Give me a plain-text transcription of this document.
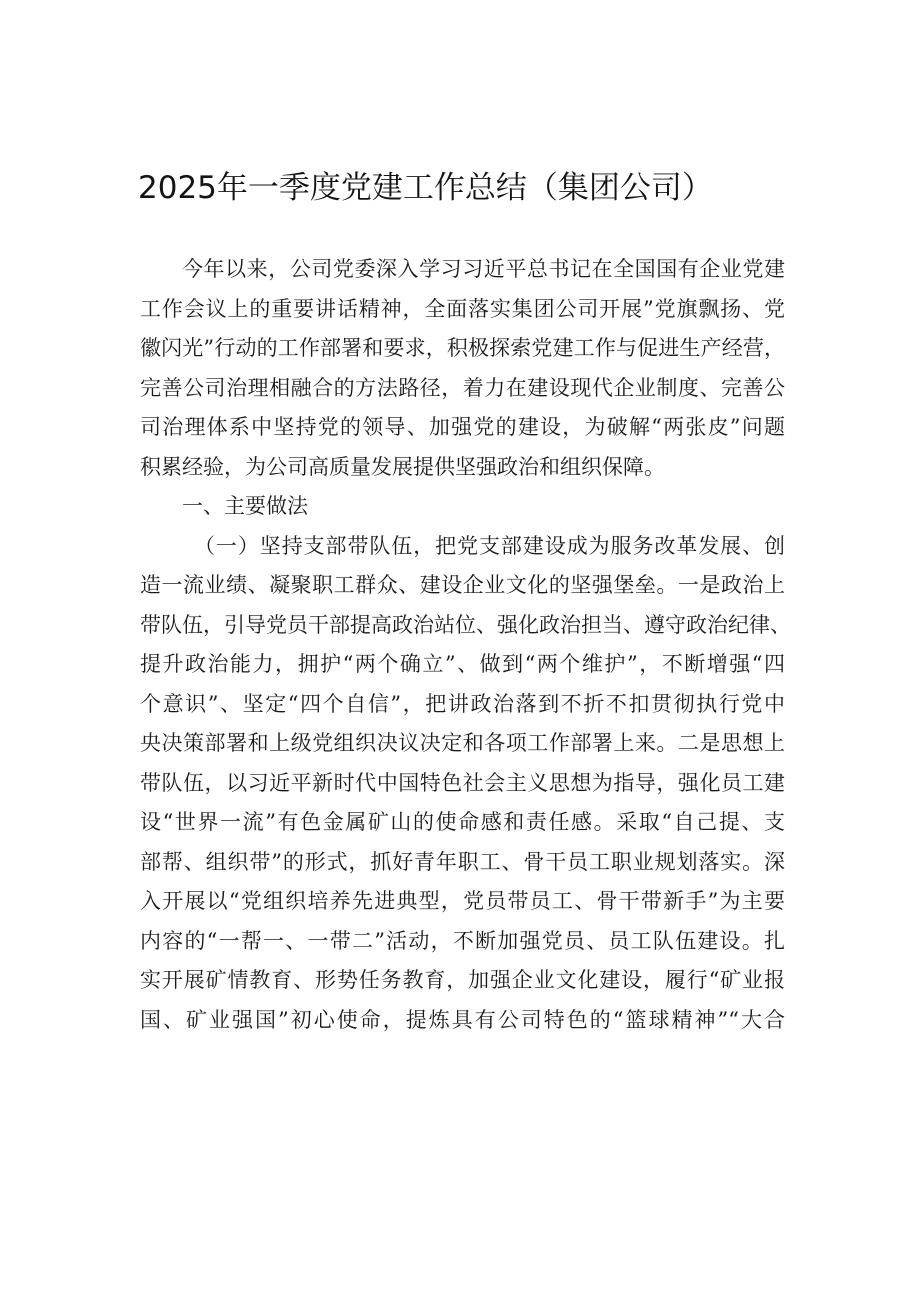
2025年一季度党建工作总结（集团公司）
今年以来，公司党委深入学习习近平总书记在全国国有企业党建
工作会议上的重要讲话精神，全面落实集团公司开展”党旗飘扬、党
徽闪光”行动的工作部署和要求，积极探索党建工作与促进生产经营，
完善公司治理相融合的方法路径，着力在建设现代企业制度、完善公
司治理体系中坚持党的领导、加强党的建设，为破解“两张皮”问题
积累经验，为公司高质量发展提供坚强政治和组织保障。
一、主要做法
（一）坚持支部带队伍，把党支部建设成为服务改革发展、创
造一流业绩、凝聚职工群众、建设企业文化的坚强堡垒。一是政治上
带队伍，引导党员干部提高政治站位、强化政治担当、遵守政治纪律、
提升政治能力，拥护“两个确立”、做到“两个维护”，不断增强“四
个意识”、坚定“四个自信”，把讲政治落到不折不扣贯彻执行党中
央决策部署和上级党组织决议决定和各项工作部署上来。二是思想上
带队伍，以习近平新时代中国特色社会主义思想为指导，强化员工建
设“世界一流”有色金属矿山的使命感和责任感。采取“自己提、支
部帮、组织带”的形式，抓好青年职工、骨干员工职业规划落实。深
入开展以“党组织培养先进典型，党员带员工、骨干带新手”为主要
内容的“一帮一、一带二”活动，不断加强党员、员工队伍建设。扎
实开展矿情教育、形势任务教育，加强企业文化建设，履行“矿业报
国、矿业强国”初心使命，提炼具有公司特色的“篮球精神”“大合
